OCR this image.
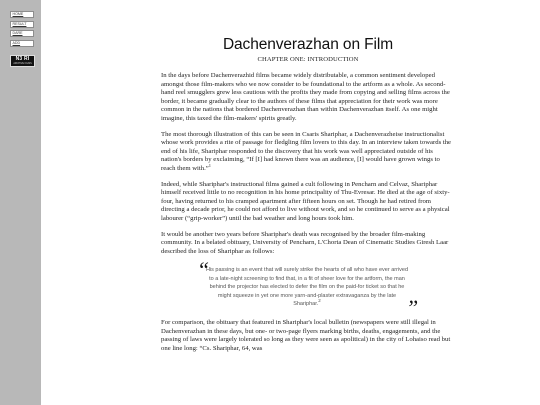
HOME
RESULT
DARE
ADD
N3 RI
ARCHIVE FILMS
Dachenverazhan on Film
CHAPTER ONE: INTRODUCTION

In the days before Dachenverazhid films became widely distributable, a common sentiment developed amongst those film-makers who we now consider to be foundational to the artform as a whole. As second-hand reel smugglers grew less cautious with the profits they made from copying and selling films across the border, it became gradually clear to the authors of these films that appreciation for their work was more common in the nations that bordered Dachenverazhan than within Dachenverazhan itself. As one might imagine, this taxed the film-makers' spirits greatly.

The most thorough illustration of this can be seen in Csaris Shariphar, a Dachenverazheise instructionalist whose work provides a rite of passage for fledgling film lovers to this day. In an interview taken towards the end of his life, Shariphar responded to the discovery that his work was well appreciated outside of his nation's borders by exclaiming, “If [I] had known there was an audience, [I] would have grown wings to reach them with.”$^1$

Indeed, while Shariphar's instructional films gained a cult following in Pencharn and Celvaz, Shariphar himself received little to no recognition in his home principality of Thu-Evresar. He died at the age of sixty-four, having returned to his cramped apartment after fifteen hours on set. Though he had retired from directing a decade prior, he could not afford to live without work, and so he continued to serve as a physical labourer (“grip-worker”) until the bad weather and long hours took him.

It would be another two years before Shariphar's death was recognised by the broader film-making community. In a belated obituary, University of Pencharn, L'Chorta Dean of Cinematic Studies Giresh Laar described the loss of Shariphar as follows:

“
His passing is an event that will surely strike the hearts of all who have ever arrived to a late-night screening to find that, in a fit of sheer love for the artform, the man behind the projector has elected to defer the film on the paid-for ticket so that he might squeeze in yet one more yarn-and-plaster extravaganza by the late Shariphar.$^2$	”

For comparison, the obituary that featured in Shariphar's local bulletin (newspapers were still illegal in Dachenverazhan in these days, but one- or two-page flyers marking births, deaths, engagements, and the passing of laws were largely tolerated so long as they were seen as apolitical) in the city of Lohaiso read but one line long: “Cs. Shariphar, 64, was
